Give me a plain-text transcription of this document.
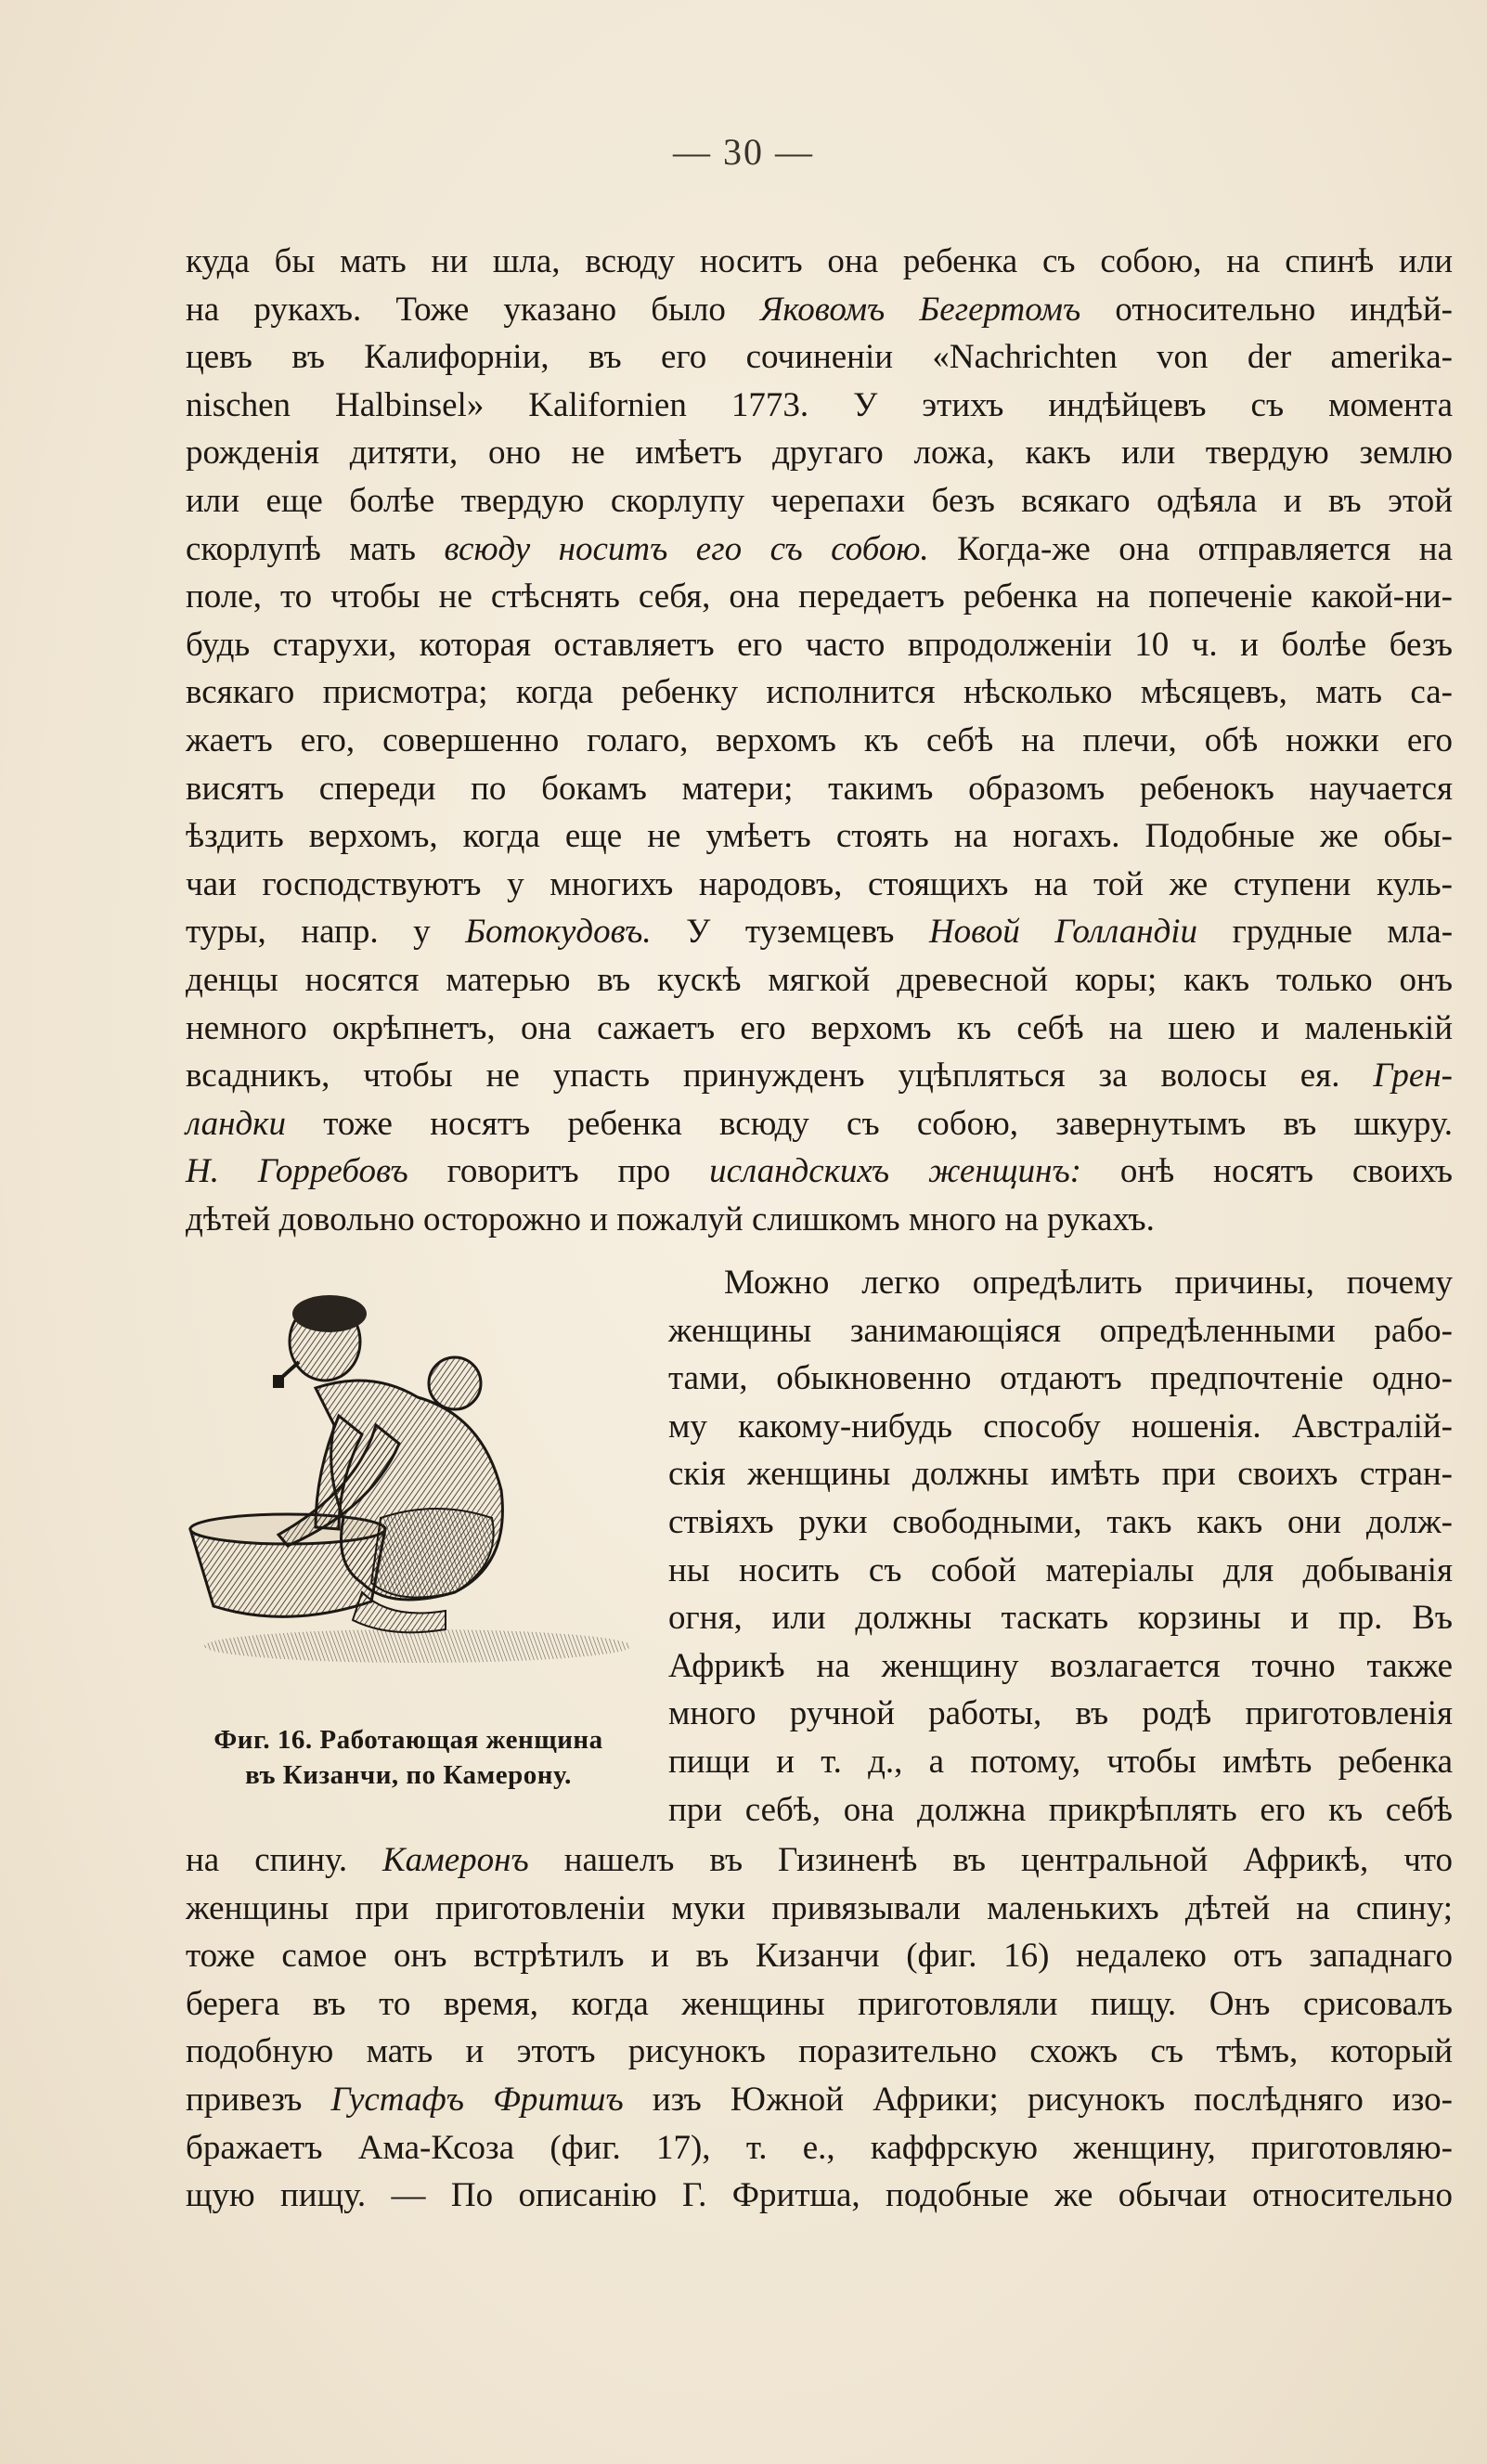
— 30 —
куда бы мать ни шла, всюду носитъ она ребенка съ собою, на спинѣ или
на рукахъ. Тоже указано было Яковомъ Бегертомъ относительно индѣй-
цевъ въ Калифорніи, въ его сочиненіи «Nachrichten von der amerika-
nischen Halbinsel» Kalifornien 1773. У этихъ индѣйцевъ съ момента
рожденія дитяти, оно не имѣетъ другаго ложа, какъ или твердую землю
или еще болѣе твердую скорлупу черепахи безъ всякаго одѣяла и въ этой
скорлупѣ мать всюду носитъ его съ собою. Когда-же она отправляется на
поле, то чтобы не стѣснять себя, она передаетъ ребенка на попеченіе какой-ни-
будь старухи, которая оставляетъ его часто впродолженіи 10 ч. и болѣе безъ
всякаго присмотра; когда ребенку исполнится нѣсколько мѣсяцевъ, мать са-
жаетъ его, совершенно голаго, верхомъ къ себѣ на плечи, обѣ ножки его
висятъ спереди по бокамъ матери; такимъ образомъ ребенокъ научается
ѣздить верхомъ, когда еще не умѣетъ стоять на ногахъ. Подобные же обы-
чаи господствуютъ у многихъ народовъ, стоящихъ на той же ступени куль-
туры, напр. у Ботокудовъ. У туземцевъ Новой Голландіи грудные мла-
денцы носятся матерью въ кускѣ мягкой древесной коры; какъ только онъ
немного окрѣпнетъ, она сажаетъ его верхомъ къ себѣ на шею и маленькій
всадникъ, чтобы не упасть принужденъ уцѣпляться за волосы ея. Грен-
ландки тоже носятъ ребенка всюду съ собою, завернутымъ въ шкуру.
Н. Горребовъ говоритъ про исландскихъ женщинъ: онѣ носятъ своихъ
дѣтей довольно осторожно и пожалуй слишкомъ много на рукахъ.
Фиг. 16. Работающая женщина
въ Кизанчи, по Камерону.
Можно легко опредѣлить причины, почему
женщины занимающіяся опредѣленными рабо-
тами, обыкновенно отдаютъ предпочтеніе одно-
му какому-нибудь способу ношенія. Австралій-
скія женщины должны имѣть при своихъ стран-
ствіяхъ руки свободными, такъ какъ они долж-
ны носить съ собой матеріалы для добыванія
огня, или должны таскать корзины и пр. Въ
Африкѣ на женщину возлагается точно также
много ручной работы, въ родѣ приготовленія
пищи и т. д., а потому, чтобы имѣть ребенка
при себѣ, она должна прикрѣплять его къ себѣ
на спину. Камеронъ нашелъ въ Гизиненѣ въ центральной Африкѣ, что
женщины при приготовленіи муки привязывали маленькихъ дѣтей на спину;
тоже самое онъ встрѣтилъ и въ Кизанчи (фиг. 16) недалеко отъ западнаго
берега въ то время, когда женщины приготовляли пищу. Онъ срисовалъ
подобную мать и этотъ рисунокъ поразительно схожъ съ тѣмъ, который
привезъ Густафъ Фритшъ изъ Южной Африки; рисунокъ послѣдняго изо-
бражаетъ Ама-Ксоза (фиг. 17), т. е., каффрскую женщину, приготовляю-
щую пищу. — По описанію Г. Фритша, подобные же обычаи относительно
